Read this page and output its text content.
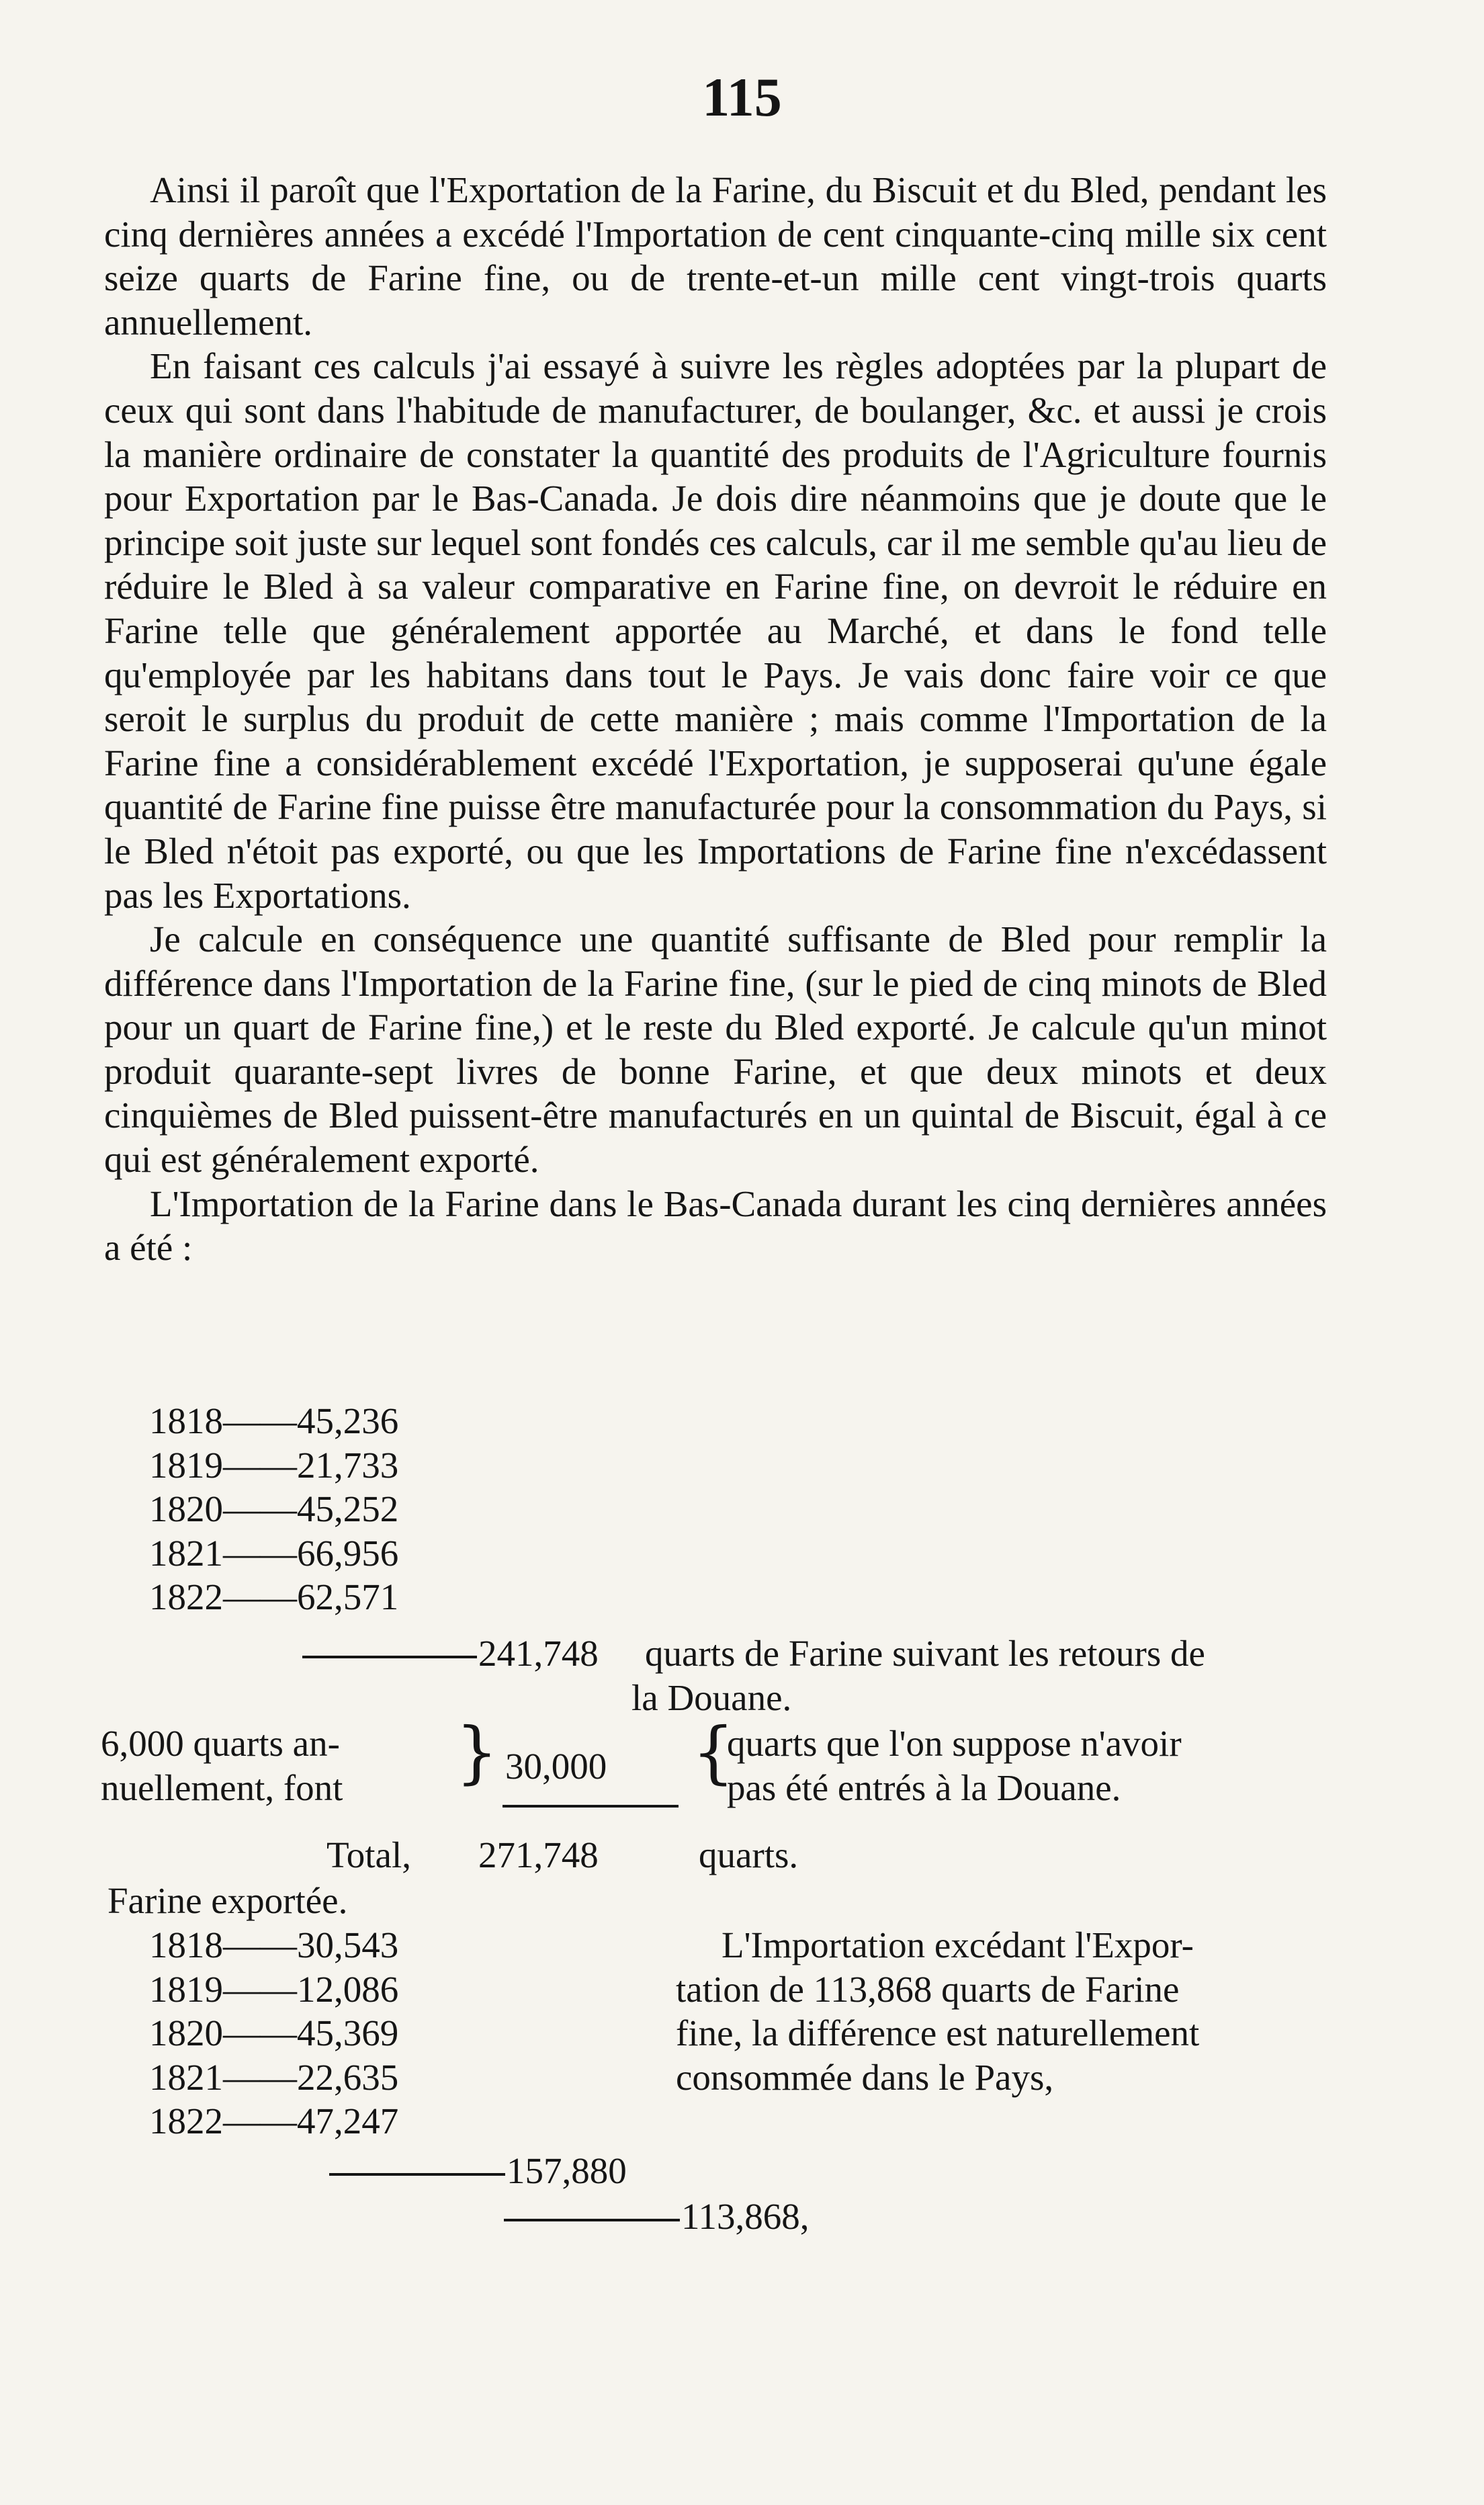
115

Ainsi il paroît que l'Exportation de la Farine, du Biscuit et du Bled, pendant les cinq dernières années a excédé l'Importation de cent cinquante-cinq mille six cent seize quarts de Farine fine, ou de trente-et-un mille cent vingt-trois quarts annuellement.

En faisant ces calculs j'ai essayé à suivre les règles adoptées par la plupart de ceux qui sont dans l'habitude de manufacturer, de boulanger, &c. et aussi je crois la manière ordinaire de constater la quantité des produits de l'Agriculture fournis pour Exportation par le Bas-Canada. Je dois dire néanmoins que je doute que le principe soit juste sur lequel sont fondés ces calculs, car il me semble qu'au lieu de réduire le Bled à sa valeur comparative en Farine fine, on devroit le réduire en Farine telle que généralement apportée au Marché, et dans le fond telle qu'employée par les habitans dans tout le Pays. Je vais donc faire voir ce que seroit le surplus du produit de cette manière ; mais comme l'Importation de la Farine fine a considérablement excédé l'Exportation, je supposerai qu'une égale quantité de Farine fine puisse être manufacturée pour la consommation du Pays, si le Bled n'étoit pas exporté, ou que les Importations de Farine fine n'excédassent pas les Exportations.

Je calcule en conséquence une quantité suffisante de Bled pour remplir la différence dans l'Importation de la Farine fine, (sur le pied de cinq minots de Bled pour un quart de Farine fine,) et le reste du Bled exporté. Je calcule qu'un minot produit quarante-sept livres de bonne Farine, et que deux minots et deux cinquièmes de Bled puissent-être manufacturés en un quintal de Biscuit, égal à ce qui est généralement exporté.

L'Importation de la Farine dans le Bas-Canada durant les cinq dernières années a été :

1818——45,236
1819——21,733
1820——45,252
1821——66,956
1822——62,571
241,748 quarts de Farine suivant les retours de
la Douane.
6,000 quarts an-
nuellement, font } 30,000 {
quarts que l'on suppose n'avoir
pas été entrés à la Douane.
Total, 271,748	quarts.
Farine exportée.
1818——30,543
1819——12,086
1820——45,369
1821——22,635
1822——47,247
157,880
113,868,
L'Importation excédant l'Expor-
tation de 113,868 quarts de Farine
fine, la différence est naturellement
consommée dans le Pays,
